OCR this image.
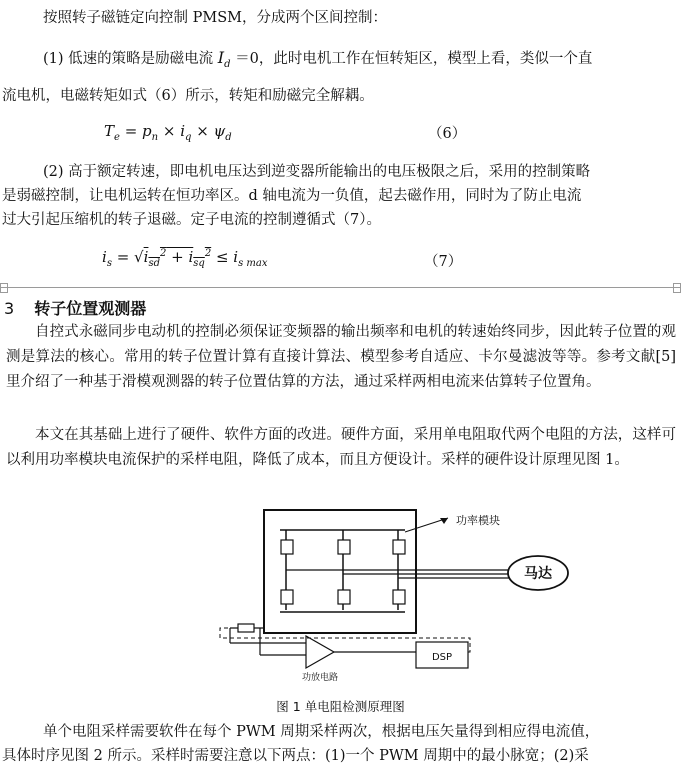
按照转子磁链定向控制 PMSM，分成两个区间控制：
(1) 低速的策略是励磁电流 $I_d =0$，此时电机工作在恒转矩区，模型上看，类似一个直
流电机，电磁转矩如式（6）所示，转矩和励磁完全解耦。
$T_e = p_n \times i_q \times \psi_d$	（6）
(2) 高于额定转速，即电机电压达到逆变器所能输出的电压极限之后，采用的控制策略
是弱磁控制，让电机运转在恒功率区。d 轴电流为一负值，起去磁作用，同时为了防止电流
过大引起压缩机的转子退磁。定子电流的控制遵循式（7）。
$i_s = √i_{sd}^2 + i_{sq}^2 \le i_{s max}$	（7）
3 转子位置观测器

自控式永磁同步电动机的控制必须保证变频器的输出频率和电机的转速始终同步，因此转子位置的观测是算法的核心。常用的转子位置计算有直接计算法、模型参考自适应、卡尔曼滤波等等。参考文献[5]里介绍了一种基于滑模观测器的转子位置估算的方法，通过采样两相电流来估算转子位置角。

本文在其基础上进行了硬件、软件方面的改进。硬件方面，采用单电阻取代两个电阻的方法，这样可以利用功率模块电流保护的采样电阻，降低了成本，而且方便设计。采样的硬件设计原理见图 1。

功率模块
马达
功放电路
DSP
图 1 单电阻检测原理图
单个电阻采样需要软件在每个 PWM 周期采样两次，根据电压矢量得到相应得电流值，
具体时序见图 2 所示。采样时需要注意以下两点：(1)一个 PWM 周期中的最小脉宽；(2)采
